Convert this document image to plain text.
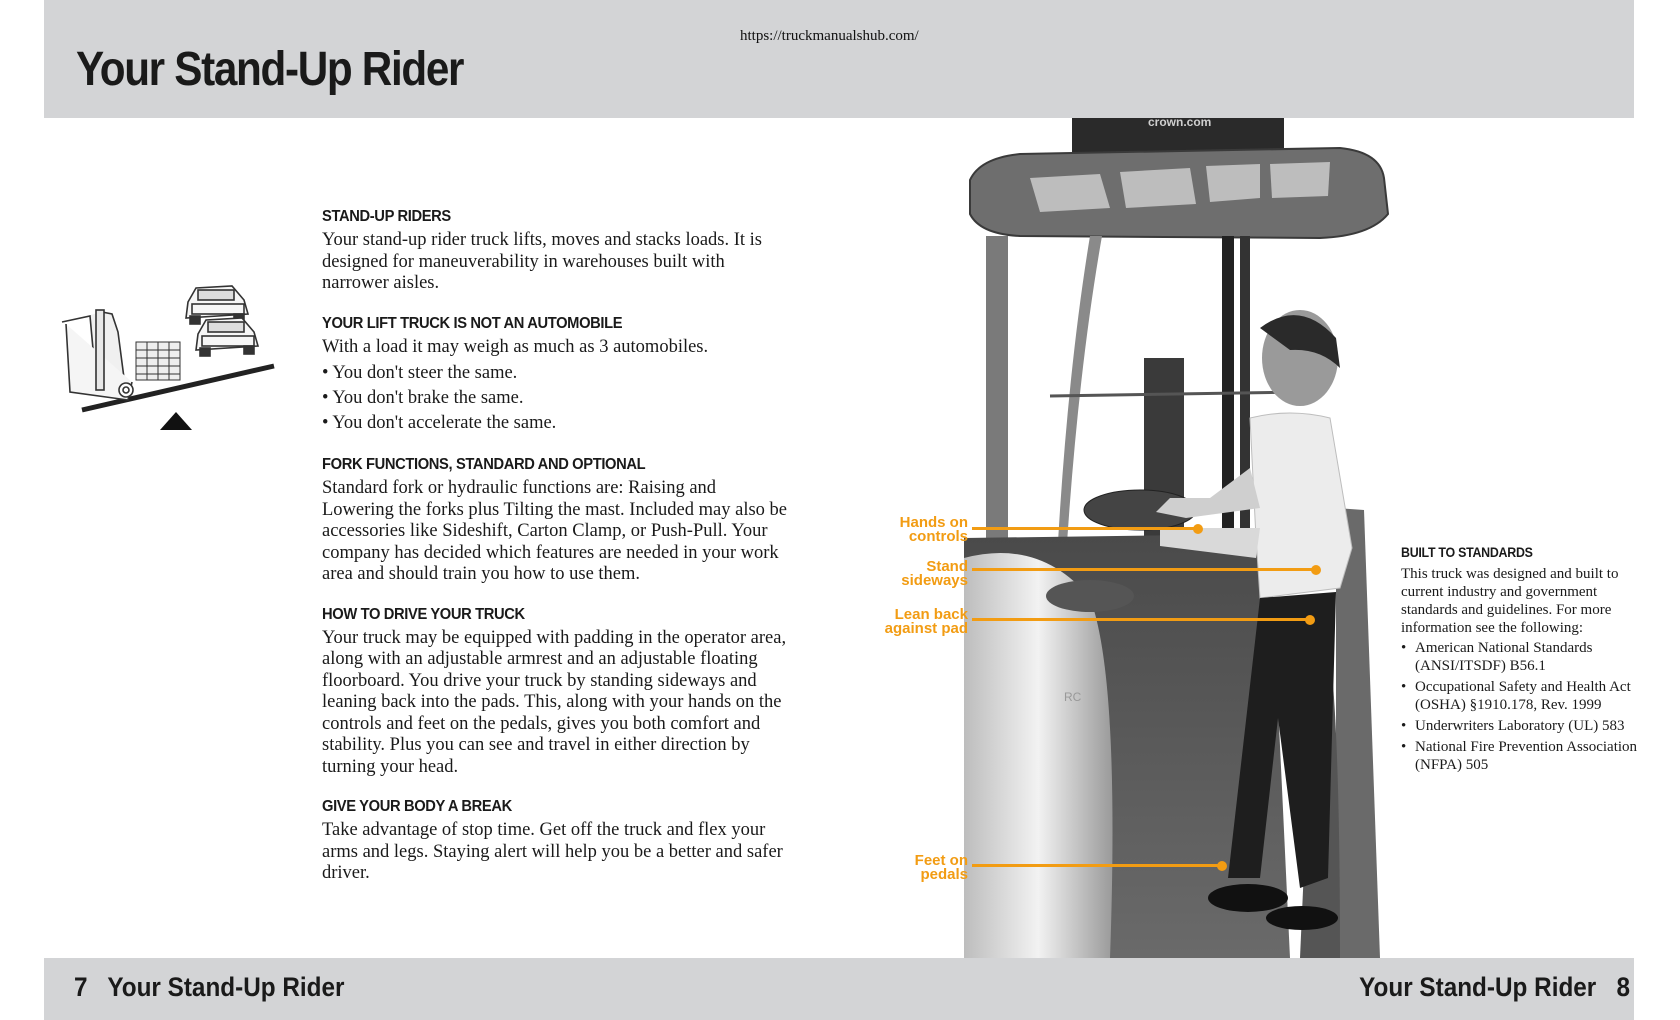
Your Stand-Up Rider
https://truckmanualshub.com/
STAND-UP RIDERS

Your stand-up rider truck lifts, moves and stacks loads. It is designed for maneuverability in warehouses built with narrower aisles.

YOUR LIFT TRUCK IS NOT AN AUTOMOBILE

With a load it may weigh as much as 3 automobiles.

• You don't steer the same.
• You don't brake the same.
• You don't accelerate the same.
FORK FUNCTIONS, STANDARD AND OPTIONAL

Standard fork or hydraulic functions are: Raising and Lowering the forks plus Tilting the mast. Included may also be accessories like Sideshift, Carton Clamp, or Push-Pull. Your company has decided which features are needed in your work area and should train you how to use them.

HOW TO DRIVE YOUR TRUCK

Your truck may be equipped with padding in the operator area, along with an adjustable armrest and an adjustable floating floorboard. You drive your truck by standing sideways and leaning back into the pads. This, along with your hands on the controls and feet on the pedals, gives you both comfort and stability. Plus you can see and travel in either direction by turning your head.

GIVE YOUR BODY A BREAK

Take advantage of stop time. Get off the truck and flex your arms and legs. Staying alert will help you be a better and safer driver.

crown.com
RC
Hands on
controls
Stand
sideways
Lean back
against pad
Feet on
pedals
BUILT TO STANDARDS

This truck was designed and built to current industry and government standards and guidelines. For more information see the following:

• American National Standards (ANSI/ITSDF) B56.1
• Occupational Safety and Health Act (OSHA) §1910.178, Rev. 1999
• Underwriters Laboratory (UL) 583
• National Fire Prevention Association (NFPA) 505
7   Your Stand-Up Rider	Your Stand-Up Rider   8
